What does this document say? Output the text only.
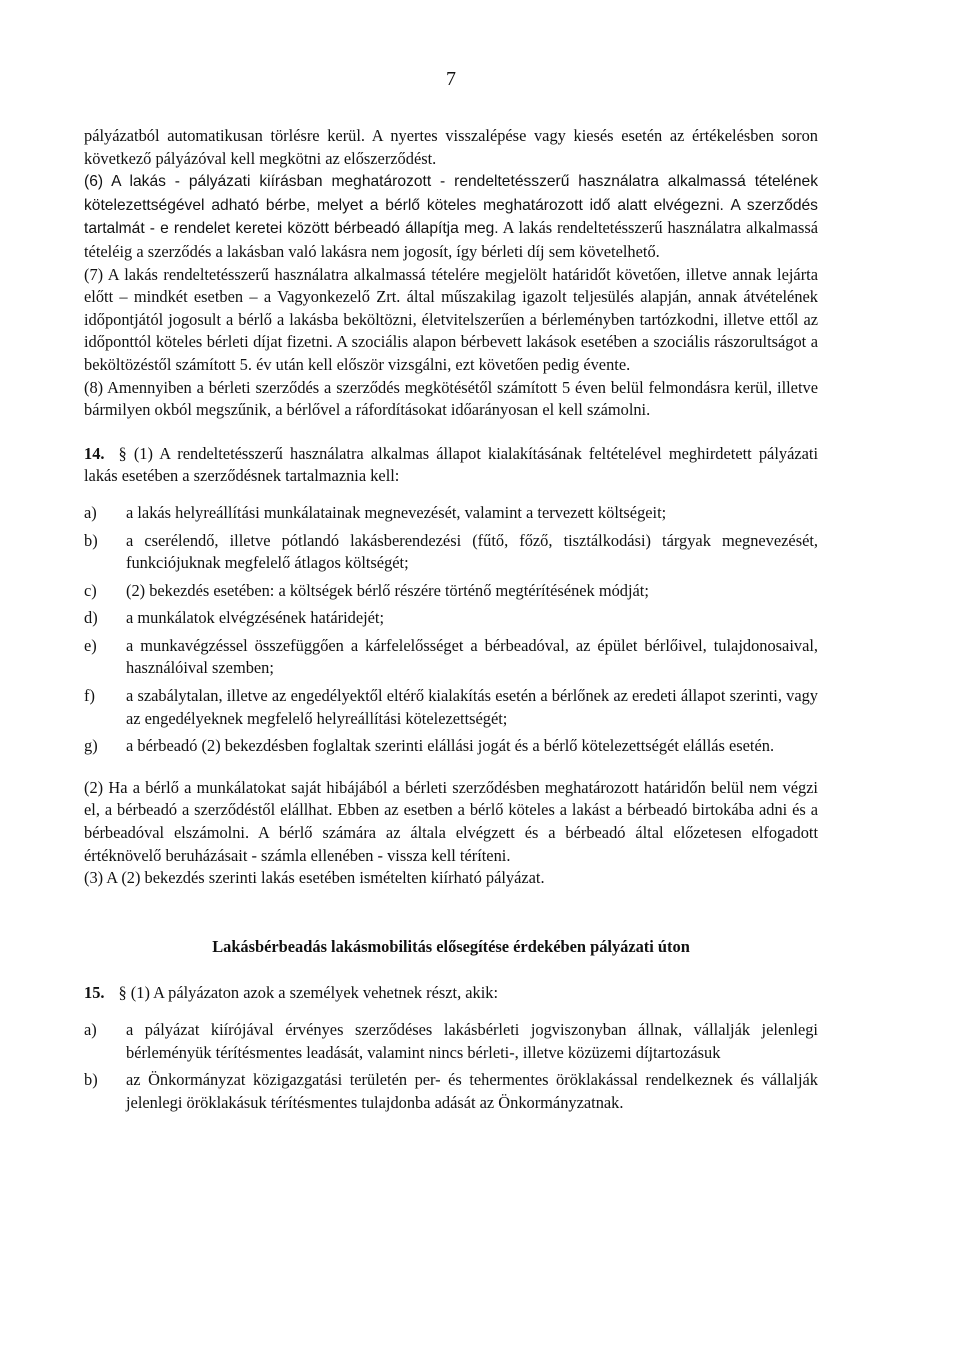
7

pályázatból automatikusan törlésre kerül. A nyertes visszalépése vagy kiesés esetén az értékelésben soron következő pályázóval kell megkötni az előszerződést.

(6) A lakás - pályázati kiírásban meghatározott - rendeltetésszerű használatra alkalmassá tételének kötelezettségével adható bérbe, melyet a bérlő köteles meghatározott idő alatt elvégezni. A szerződés tartalmát - e rendelet keretei között bérbeadó állapítja meg. A lakás rendeltetésszerű használatra alkalmassá tételéig a szerződés a lakásban való lakásra nem jogosít, így bérleti díj sem követelhető.

(7) A lakás rendeltetésszerű használatra alkalmassá tételére megjelölt határidőt követően, illetve annak lejárta előtt – mindkét esetben – a Vagyonkezelő Zrt. által műszakilag igazolt teljesülés alapján, annak átvételének időpontjától jogosult a bérlő a lakásba beköltözni, életvitelszerűen a bérleményben tartózkodni, illetve ettől az időponttól köteles bérleti díjat fizetni. A szociális alapon bérbevett lakások esetében a szociális rászorultságot a beköltözéstől számított 5. év után kell először vizsgálni, ezt követően pedig évente.

(8) Amennyiben a bérleti szerződés a szerződés megkötésétől számított 5 éven belül felmondásra kerül, illetve bármilyen okból megszűnik, a bérlővel a ráfordításokat időarányosan el kell számolni.

14. § (1) A rendeltetésszerű használatra alkalmas állapot kialakításának feltételével meghirdetett pályázati lakás esetében a szerződésnek tartalmaznia kell:

a)	a lakás helyreállítási munkálatainak megnevezését, valamint a tervezett költségeit;
b)	a cserélendő, illetve pótlandó lakásberendezési (fűtő, főző, tisztálkodási) tárgyak megnevezését, funkciójuknak megfelelő átlagos költségét;
c)	(2) bekezdés esetében: a költségek bérlő részére történő megtérítésének módját;
d)	a munkálatok elvégzésének határidejét;
e)	a munkavégzéssel összefüggően a kárfelelősséget a bérbeadóval, az épület bérlőivel, tulajdonosaival, használóival szemben;
f)	a szabálytalan, illetve az engedélyektől eltérő kialakítás esetén a bérlőnek az eredeti állapot szerinti, vagy az engedélyeknek megfelelő helyreállítási kötelezettségét;
g)	a bérbeadó (2) bekezdésben foglaltak szerinti elállási jogát és a bérlő kötelezettségét elállás esetén.

(2) Ha a bérlő a munkálatokat saját hibájából a bérleti szerződésben meghatározott határidőn belül nem végzi el, a bérbeadó a szerződéstől elállhat. Ebben az esetben a bérlő köteles a lakást a bérbeadó birtokába adni és a bérbeadóval elszámolni. A bérlő számára az általa elvégzett és a bérbeadó által előzetesen elfogadott értéknövelő beruházásait - számla ellenében - vissza kell téríteni.

(3) A (2) bekezdés szerinti lakás esetében ismételten kiírható pályázat.

Lakásbérbeadás lakásmobilitás elősegítése érdekében pályázati úton

15. § (1) A pályázaton azok a személyek vehetnek részt, akik:

a)	a pályázat kiírójával érvényes szerződéses lakásbérleti jogviszonyban állnak, vállalják jelenlegi bérleményük térítésmentes leadását, valamint nincs bérleti-, illetve közüzemi díjtartozásuk
b)	az Önkormányzat közigazgatási területén per- és tehermentes öröklakással rendelkeznek és vállalják jelenlegi öröklakásuk térítésmentes tulajdonba adását az Önkormányzatnak.
